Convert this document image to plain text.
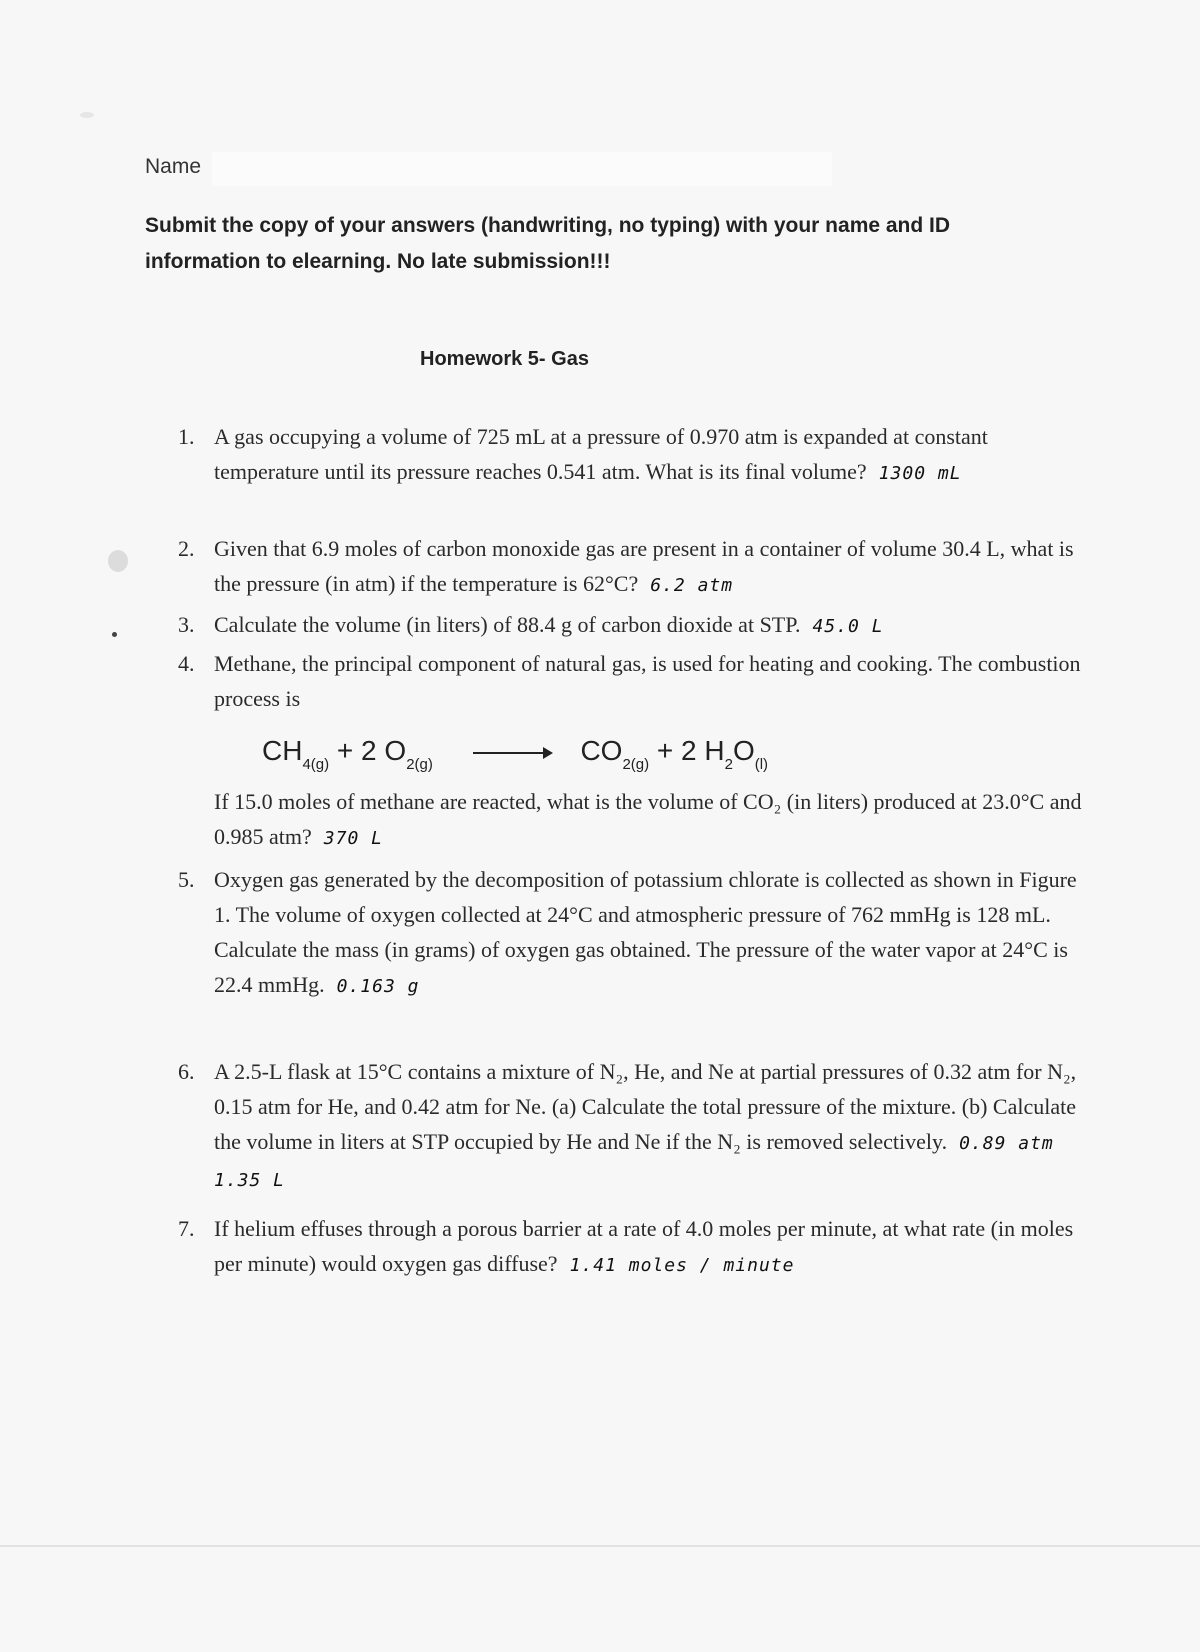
Name
Submit the copy of your answers (handwriting, no typing) with your name and ID information to elearning. No late submission!!!
Homework 5- Gas
1. A gas occupying a volume of 725 mL at a pressure of 0.970 atm is expanded at constant temperature until its pressure reaches 0.541 atm. What is its final volume? 1300 mL
2. Given that 6.9 moles of carbon monoxide gas are present in a container of volume 30.4 L, what is the pressure (in atm) if the temperature is 62°C? 6.2 atm
3. Calculate the volume (in liters) of 88.4 g of carbon dioxide at STP. 45.0 L
4. Methane, the principal component of natural gas, is used for heating and cooking. The combustion process is
$CH_{4(g)} + 2$ $O_{2(g)} \to CO_{2(g)} + 2$ $H_2O_{(l)}$
If 15.0 moles of methane are reacted, what is the volume of CO₂ (in liters) produced at 23.0°C and 0.985 atm? 370 L
5. Oxygen gas generated by the decomposition of potassium chlorate is collected as shown in Figure 1. The volume of oxygen collected at 24°C and atmospheric pressure of 762 mmHg is 128 mL. Calculate the mass (in grams) of oxygen gas obtained. The pressure of the water vapor at 24°C is 22.4 mmHg. 0.163 g
6. A 2.5-L flask at 15°C contains a mixture of N₂, He, and Ne at partial pressures of 0.32 atm for N₂, 0.15 atm for He, and 0.42 atm for Ne. (a) Calculate the total pressure of the mixture. (b) Calculate the volume in liters at STP occupied by He and Ne if the N₂ is removed selectively. 0.89 atm 1.35 L
7. If helium effuses through a porous barrier at a rate of 4.0 moles per minute, at what rate (in moles per minute) would oxygen gas diffuse? 1.41 moles / minute
